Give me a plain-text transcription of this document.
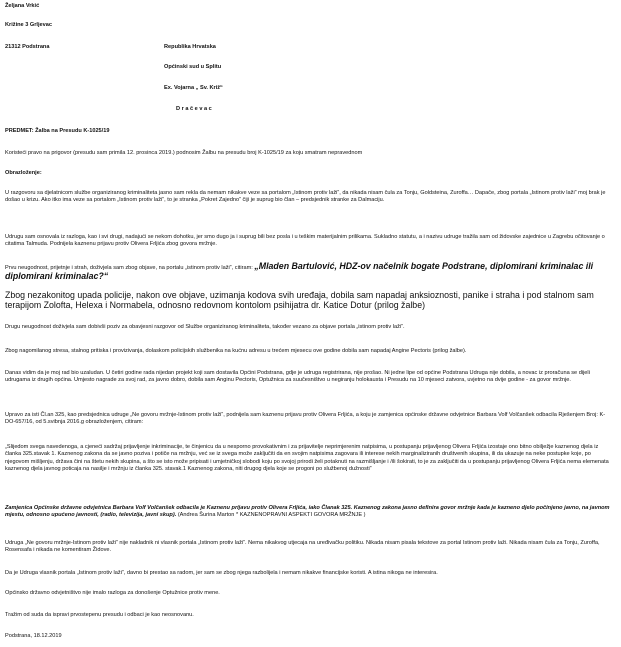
Željana Vrkić
Križine 3 Grljevac
21312 Podstrana	Republika Hrvatska
Općinski sud u Splitu
Ex. Vojarna „ Sv. Križ“
D r a č e v a c
PREDMET: Žalba na Presudu K-1025/19
Koristeći pravo na prigovor (presudu sam primila 12. prosinca 2019.) podnosim Žalbu na presudu broj K-1025/19 za koju smatram nepravednom
Obrazloženje:
U razgovoru sa djelatnicom službe organiziranog kriminaliteta jasno sam rekla da nemam nikakve veze sa portalom „Istinom protiv laži“, da nikada nisam čula za Tonju, Goldsteina, Zuroffa… Dapače, zbog portala „Istinom protiv laži“ moj brak je došao u krizu. Ako itko ima veze sa portalom „Istinom protiv laži“, to je stranka „Pokret Zajedno“ čiji je suprug bio član – predsjednik stranke za Dalmaciju.
Udrugu sam osnovala iz razloga, kao i svi drugi, nadajući se nekom dohotku, jer smo dugo ja i suprug bili bez posla i u teškim materijalnim prilikama. Sukladno statutu, a i nazivu udruge tražila sam od židovske zajednice u Zagrebu očitovanje o citatima Talmuda. Podnijela kaznenu prijavu protiv Olivera Frljića zbog govora mržnje.
Prvu neugodnost, prijetnje i strah, doživjela sam zbog objave, na portalu „istinom protiv laži“, citiram: „Mladen Bartulović, HDZ-ov načelnik bogate Podstrane, diplomirani kriminalac ili diplomirani kriminalac?“
Zbog nezakonitog upada policije, nakon ove objave, uzimanja kodova svih uređaja, dobila sam napadaj anksioznosti, panike i straha i pod stalnom sam terapijom Zolofta, Helexa i Normabela, odnosno redovnom kontolom psihijatra dr. Katice Dotur (prilog žalbe)
Drugu neugodnost doživjela sam dobivši poziv za obavjesni razgovor od Službe organiziranog kriminaliteta, također vezano za objave portala „istinom protiv laži“.
Zbog nagomilanog stresa, stalnog pritiska i provizivanja, dolaskom policijskih službenika na kućnu adresu u trećem mjesecu ove godine dobila sam napadaj Angine Pectoris (prilog žalbe).
Danas vidim da je moj rad bio uzaludan. U četiri godine rada nijedan projekt koji sam dostavila Općini Podstrana, gdje je udruga registrirana, nije prošao. Ni jedne lipe od općine Podstrana Udruga nije dobila, a novac iz proračuna se dijeli udrugama iz drugih općina. Umjesto nagrade za svoj rad, za javno dobro, dobila sam Anginu Pectoris, Optužnica za suučesništvo u negiranju holokausta i Presudu na 10 mjeseci zatvora, uvjetno na dvije godine - za govor mržnje.
Upravo za isti Čl.an 325, kao predsjednica udruge „Ne govoru mržnje-Istinom protiv laži“, podnijela sam kaznenu prijavu protiv Olivera Frljića, a koju je zamjenica općinske državne odvjetnice Barbara Volf Volčanšek odbacila Rješenjem Broj: K-DO-657/16, od 5.svibnja 2016.g obrazloženjem, citiram:
„Slijedom svega navedenoga, a cjeneći sadržaj prijavljenje inkriminacije, te činjenicu da u nesporno provokativnim i za prijavitelje neprimjerenim natpisima, u postupanju prijavljenog Olivera Frljića izostaje ono bitno obilježje kaznenog djela iz članka 325.stavak 1. Kaznenog zakona da se javno poziva i potiče na mržnju, već se iz svega može zaključiti da en svojim natpisima zagovara ili interese nekih marginaliziranih društvenih skupina, ili da ukazuje na neke postupke koje, po njegovom mišljenju, država čini na štetu nekih skupina, a što se isto može pripisati i umjetničkoj slobodi koju po svojoj prirodi želi potaknuti na razmišljanje i /ili šokirati, to je za zaključiti da u postupanju prijavljenog Olivera Frljića nema elemenata kaznenog djela javnog poticaja na nasilje i mržnju iz članka 325. stavak.1 Kaznenog zakona, niti drugog djela koje se progoni po službenoj dužnosti“
Zamjenica Općinske državne odvjetnica Barbara Volf Volčanšek odbacila je Kaznenu prijavu protiv Olivera Frljića, iako Članak 325. Kaznenog zakona jasno definira govor mržnje kada je kazneno djelo počinjeno javno, na javnom mjestu, odnosno upućeno javnosti, (radio, televizija, javni skup). (Andrea Šurina Marton * KAZNENOPRAVNI ASPEKTI GOVORA MRŽNJE )
Udruga „Ne govoru mržnje-Istinom protiv laži“ nije nakladnik ni vlasnik portala „Istinom protiv laži“. Nema nikakvog utjecaja na uređivačku politiku. Nikada nisam pisala tekstove za portal Istinom protiv laži. Nikada nisam čula za Tonju, Zuroffa, Rosensafa i nikada ne komentiram Židove.
Da je Udruga vlasnik portala „Istinom protiv laži“, davno bi prestao sa radom, jer sam se zbog njega razbolijela i nemam nikakve financijske koristi. A istina nikoga ne interesira.
Općinsko državno odvjetništvo nije imalo razloga za donošenje Optužnice protiv mene.
Tražim od suda da ispravi prvostepenu presudu i odbaci je kao neosnovanu.
Podstrana, 18.12.2019
